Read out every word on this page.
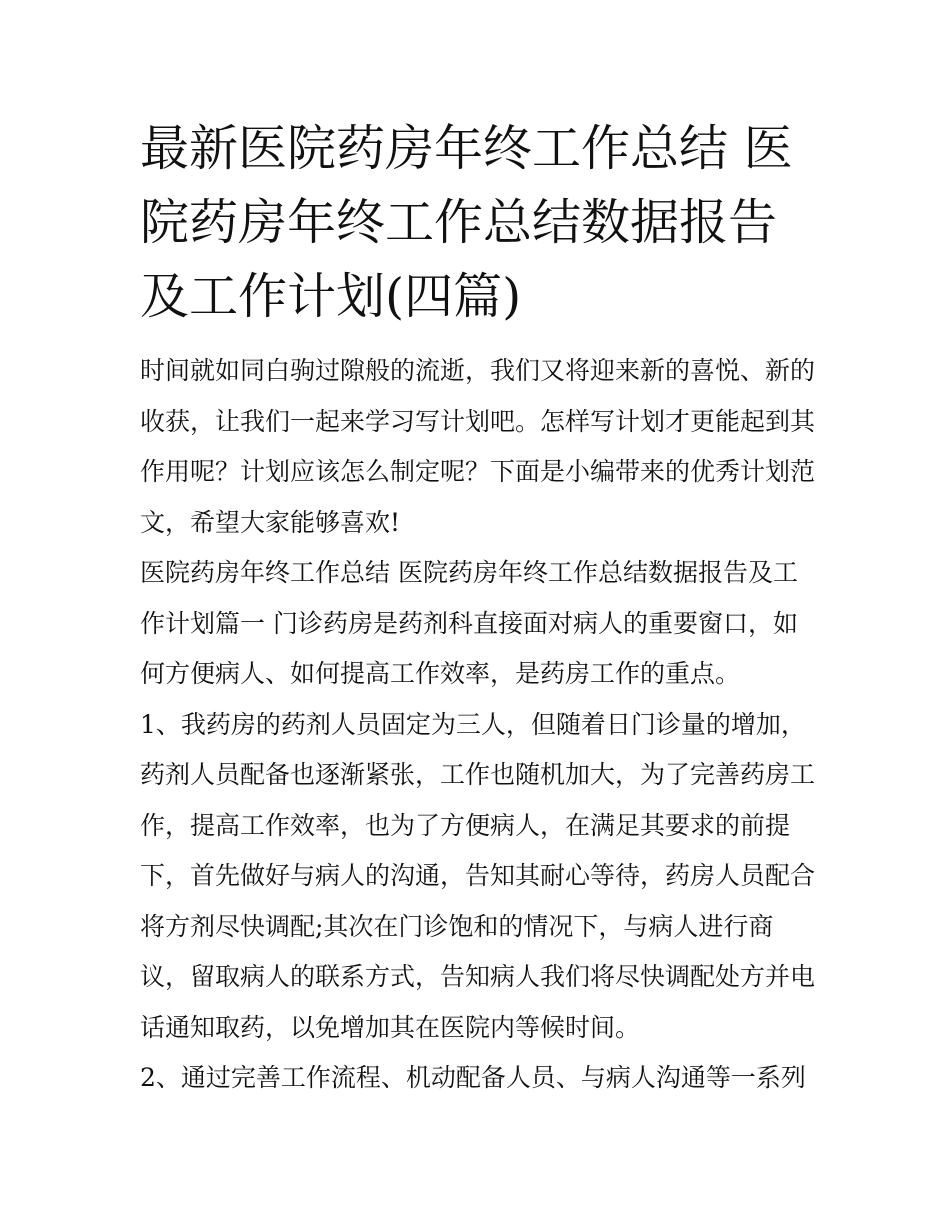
最新医院药房年终工作总结 医院药房年终工作总结数据报告及工作计划(四篇)

时间就如同白驹过隙般的流逝，我们又将迎来新的喜悦、新的收获，让我们一起来学习写计划吧。怎样写计划才更能起到其作用呢？计划应该怎么制定呢？下面是小编带来的优秀计划范文，希望大家能够喜欢!

医院药房年终工作总结 医院药房年终工作总结数据报告及工作计划篇一 门诊药房是药剂科直接面对病人的重要窗口，如何方便病人、如何提高工作效率，是药房工作的重点。

1、我药房的药剂人员固定为三人，但随着日门诊量的增加，药剂人员配备也逐渐紧张，工作也随机加大，为了完善药房工作，提高工作效率，也为了方便病人，在满足其要求的前提下，首先做好与病人的沟通，告知其耐心等待，药房人员配合将方剂尽快调配;其次在门诊饱和的情况下，与病人进行商议，留取病人的联系方式，告知病人我们将尽快调配处方并电话通知取药，以免增加其在医院内等候时间。

2、通过完善工作流程、机动配备人员、与病人沟通等一系列
